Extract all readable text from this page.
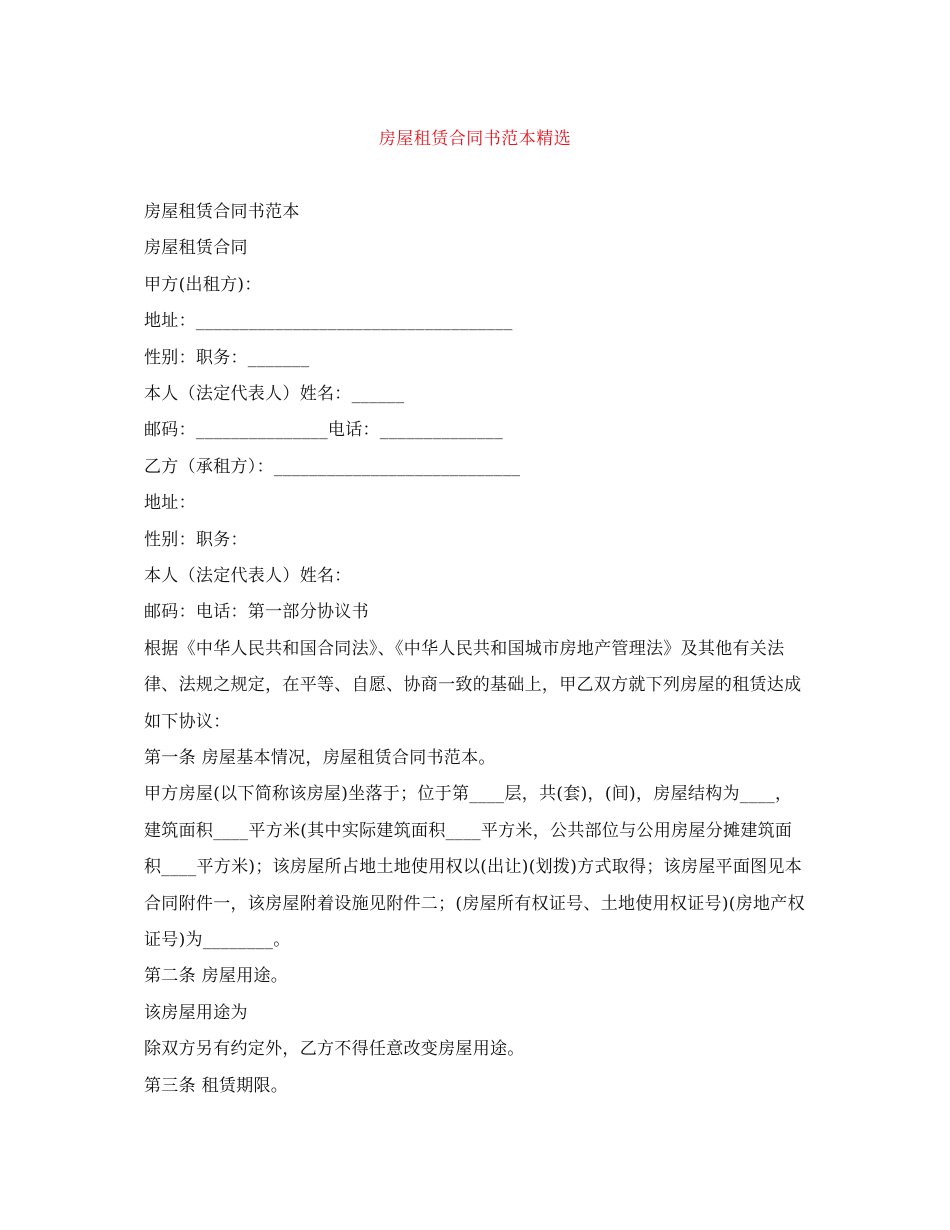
房屋租赁合同书范本精选
房屋租赁合同书范本
房屋租赁合同
甲方(出租方)：
地址：____________________________________
性别：职务：_______
本人（法定代表人）姓名：______
邮码：_______________电话：______________
乙方（承租方）：____________________________
地址：
性别：职务：
本人（法定代表人）姓名：
邮码：电话：第一部分协议书
根据《中华人民共和国合同法》、《中华人民共和国城市房地产管理法》及其他有关法律、法规之规定，在平等、自愿、协商一致的基础上，甲乙双方就下列房屋的租赁达成如下协议：
第一条 房屋基本情况，房屋租赁合同书范本。
甲方房屋(以下简称该房屋)坐落于；位于第____层，共(套)，(间)，房屋结构为____，建筑面积____平方米(其中实际建筑面积____平方米，公共部位与公用房屋分摊建筑面积____平方米)；该房屋所占地土地使用权以(出让)(划拨)方式取得；该房屋平面图见本合同附件一，该房屋附着设施见附件二；(房屋所有权证号、土地使用权证号)(房地产权证号)为________。
第二条 房屋用途。
该房屋用途为
除双方另有约定外，乙方不得任意改变房屋用途。
第三条 租赁期限。
